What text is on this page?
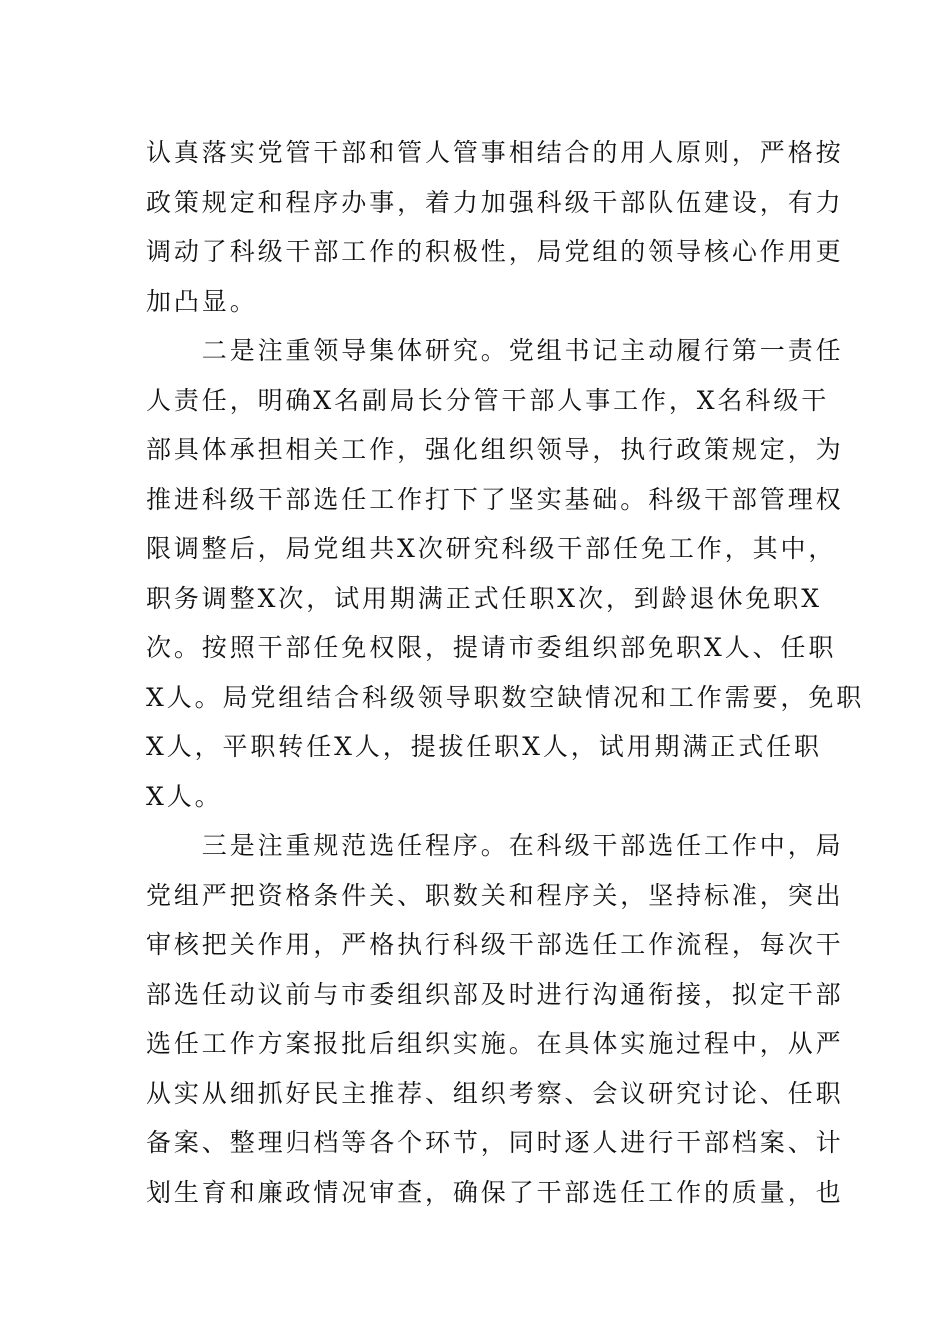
认真落实党管干部和管人管事相结合的用人原则，严格按
政策规定和程序办事，着力加强科级干部队伍建设，有力
调动了科级干部工作的积极性，局党组的领导核心作用更
加凸显。
　　二是注重领导集体研究。党组书记主动履行第一责任
人责任，明确X名副局长分管干部人事工作，X名科级干
部具体承担相关工作，强化组织领导，执行政策规定，为
推进科级干部选任工作打下了坚实基础。科级干部管理权
限调整后，局党组共X次研究科级干部任免工作，其中，
职务调整X次，试用期满正式任职X次，到龄退休免职X
次。按照干部任免权限，提请市委组织部免职X人、任职
X人。局党组结合科级领导职数空缺情况和工作需要，免职
X人，平职转任X人，提拔任职X人，试用期满正式任职
X人。
　　三是注重规范选任程序。在科级干部选任工作中，局
党组严把资格条件关、职数关和程序关，坚持标准，突出
审核把关作用，严格执行科级干部选任工作流程，每次干
部选任动议前与市委组织部及时进行沟通衔接，拟定干部
选任工作方案报批后组织实施。在具体实施过程中，从严
从实从细抓好民主推荐、组织考察、会议研究讨论、任职
备案、整理归档等各个环节，同时逐人进行干部档案、计
划生育和廉政情况审查，确保了干部选任工作的质量，也
